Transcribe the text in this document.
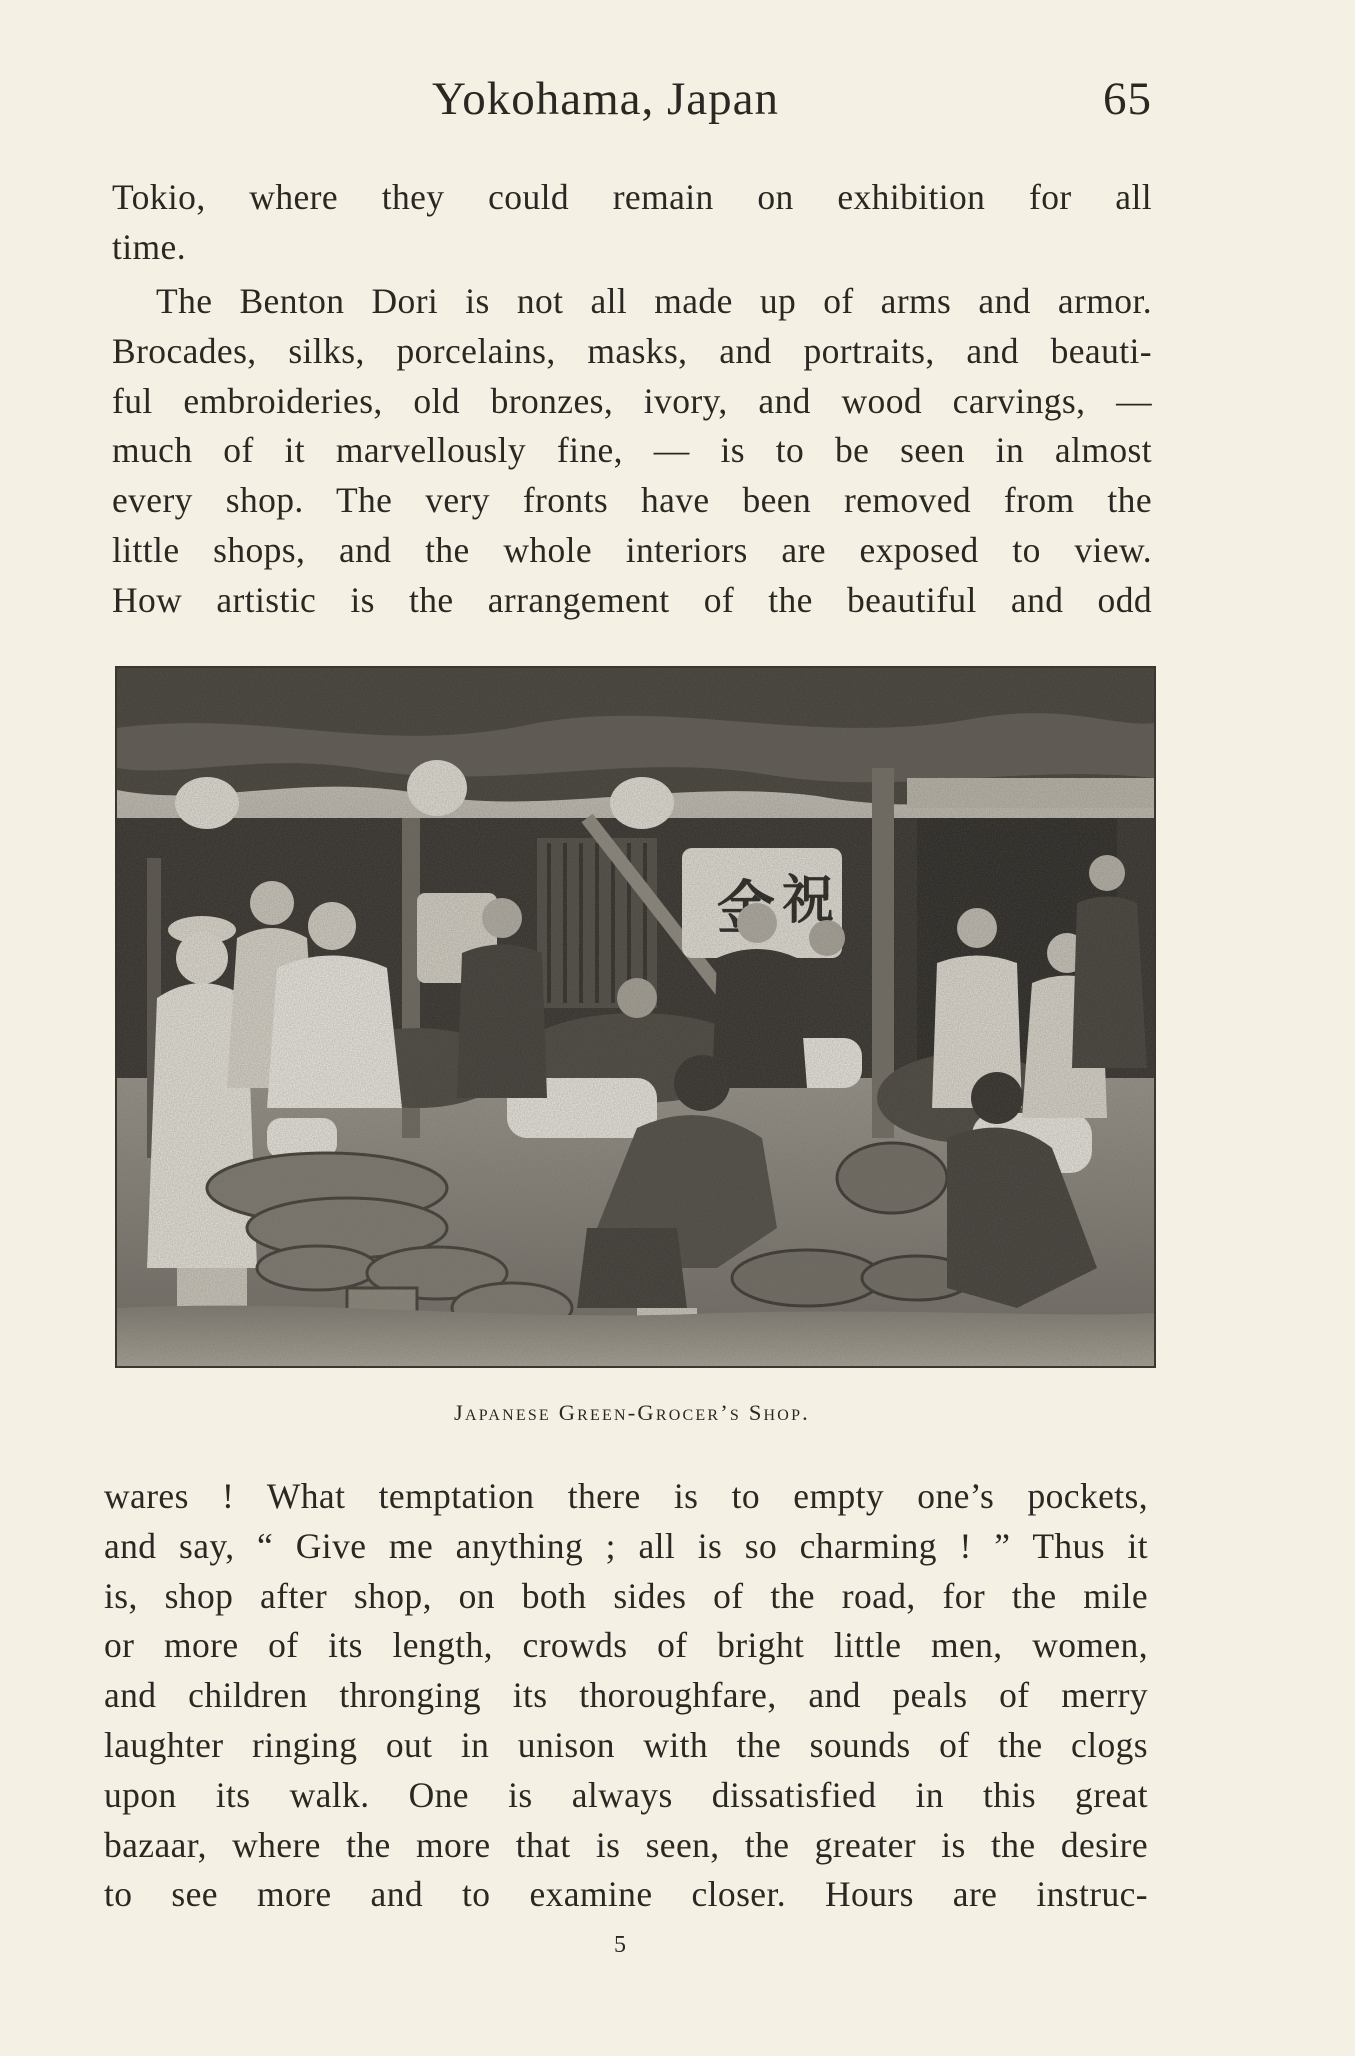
Yokohama, Japan	65
Tokio, where they could remain on exhibition for all
time.
The Benton Dori is not all made up of arms and armor.
Brocades, silks, porcelains, masks, and portraits, and beauti-
ful embroideries, old bronzes, ivory, and wood carvings, —
much of it marvellously fine, — is to be seen in almost
every shop. The very fronts have been removed from the
little shops, and the whole interiors are exposed to view.
How artistic is the arrangement of the beautiful and odd
Japanese Green-Grocer’s Shop.
wares ! What temptation there is to empty one’s pockets,
and say, “ Give me anything ; all is so charming ! ” Thus it
is, shop after shop, on both sides of the road, for the mile
or more of its length, crowds of bright little men, women,
and children thronging its thoroughfare, and peals of merry
laughter ringing out in unison with the sounds of the clogs
upon its walk. One is always dissatisfied in this great
bazaar, where the more that is seen, the greater is the desire
to see more and to examine closer. Hours are instruc-
5
